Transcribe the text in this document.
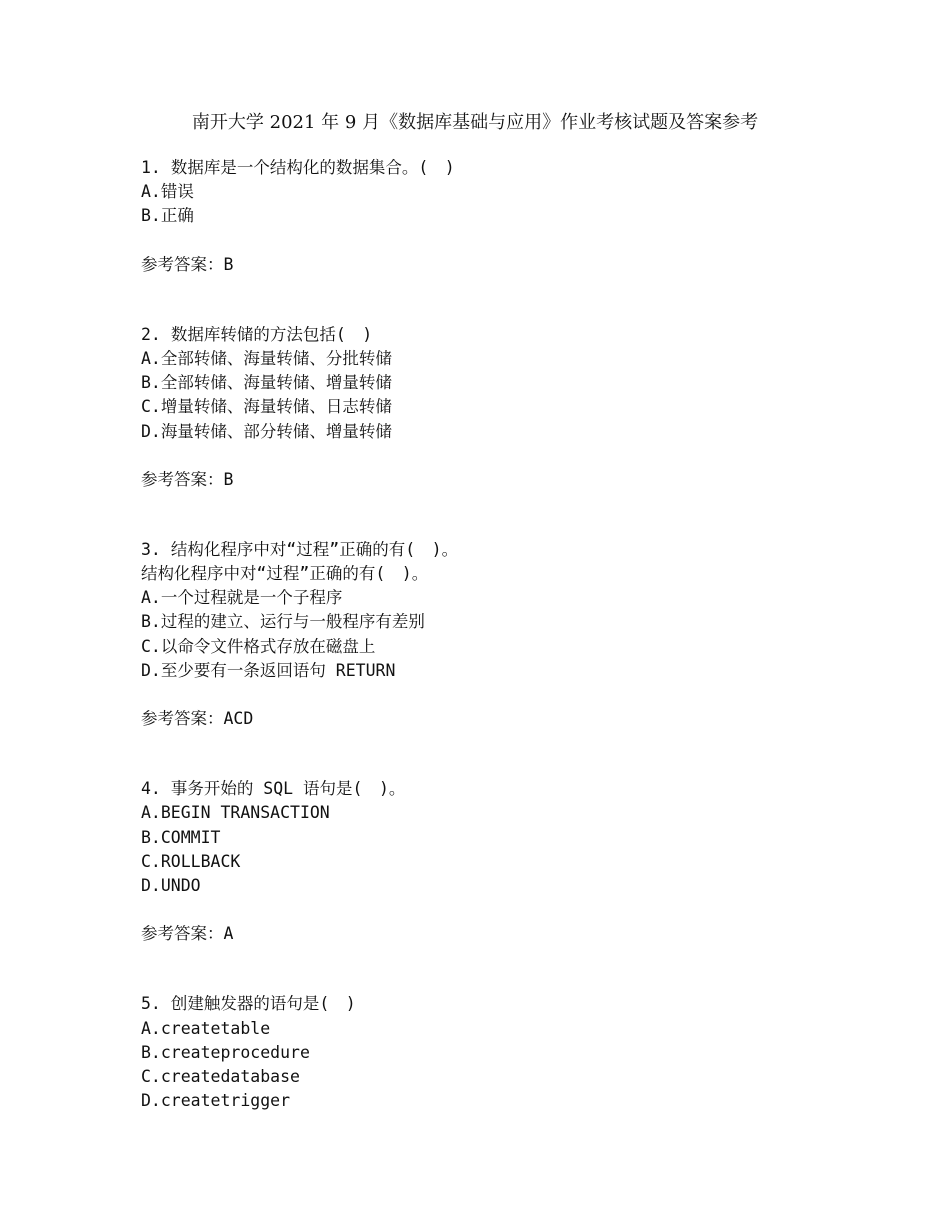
南开大学 2021 年 9 月《数据库基础与应用》作业考核试题及答案参考
1. 数据库是一个结构化的数据集合。(　)
A.错误
B.正确
参考答案：B
2. 数据库转储的方法包括(　)
A.全部转储、海量转储、分批转储
B.全部转储、海量转储、增量转储
C.增量转储、海量转储、日志转储
D.海量转储、部分转储、增量转储
参考答案：B
3. 结构化程序中对“过程”正确的有(　)。
结构化程序中对“过程”正确的有(　)。
A.一个过程就是一个子程序
B.过程的建立、运行与一般程序有差别
C.以命令文件格式存放在磁盘上
D.至少要有一条返回语句 RETURN
参考答案：ACD
4. 事务开始的 SQL 语句是(　)。
A.BEGIN TRANSACTION
B.COMMIT
C.ROLLBACK
D.UNDO
参考答案：A
5. 创建触发器的语句是(　)
A.createtable
B.createprocedure
C.createdatabase
D.createtrigger
